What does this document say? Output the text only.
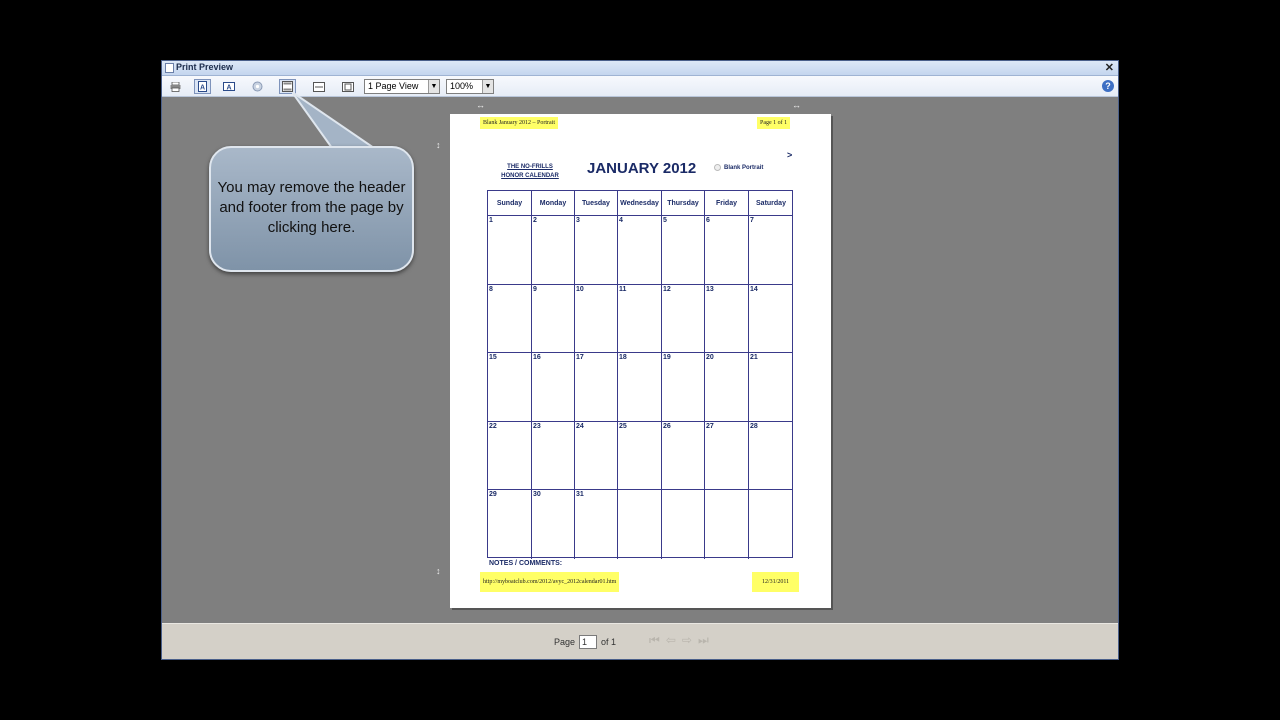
Print Preview	✕
A	A	1 Page View	▼	100%	▼	?
Page 1	of 1	⏮ ⇦ ⇨ ⏭
↔	↔
↕
↕
Blank January 2012 – Portrait	Page 1 of 1
THE NO-FRILLS
HONOR CALENDAR JANUARY 2012	Blank Portrait
>
Sunday	Monday	Tuesday	Wednesday	Thursday	Friday	Saturday
1	2	3	4	5	6	7
8	9	10	11	12	13	14
15	16	17	18	19	20	21
22	23	24	25	26	27	28
29	30	31
NOTES / COMMENTS:
http://myboatclub.com/2012/avyc_2012calendar01.htm	12/31/2011
You may remove the header and footer from the page by clicking here.
